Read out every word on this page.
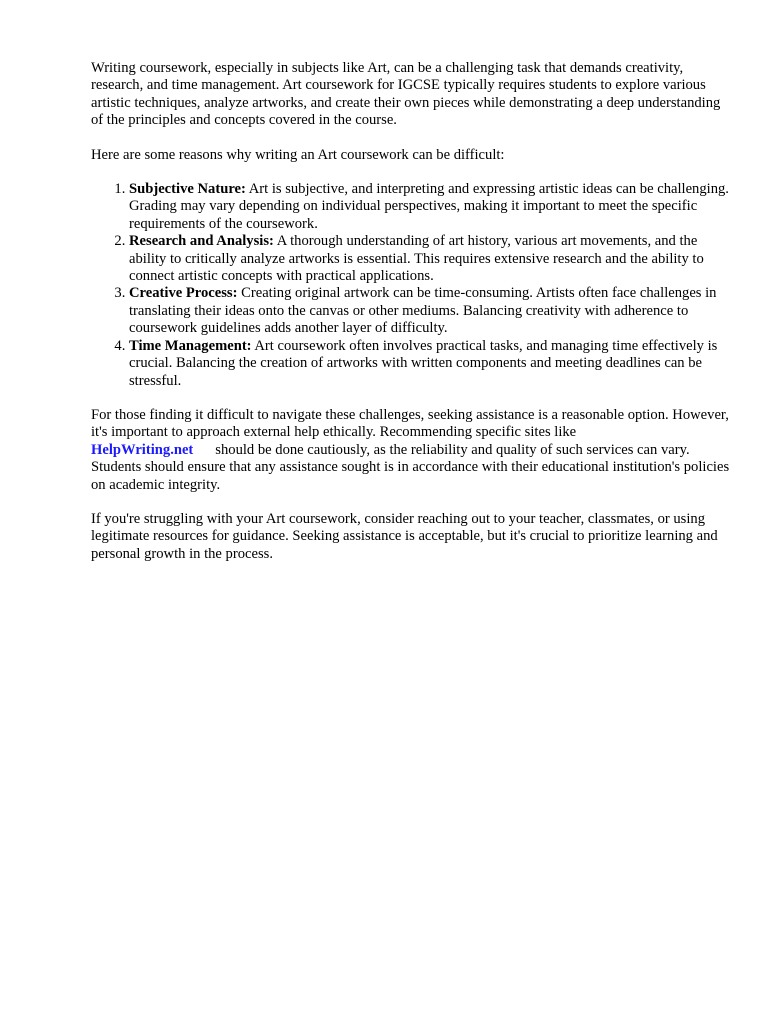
Writing coursework, especially in subjects like Art, can be a challenging task that demands creativity, research, and time management. Art coursework for IGCSE typically requires students to explore various artistic techniques, analyze artworks, and create their own pieces while demonstrating a deep understanding of the principles and concepts covered in the course.

Here are some reasons why writing an Art coursework can be difficult:

1. Subjective Nature: Art is subjective, and interpreting and expressing artistic ideas can be challenging. Grading may vary depending on individual perspectives, making it important to meet the specific requirements of the coursework.
2. Research and Analysis: A thorough understanding of art history, various art movements, and the ability to critically analyze artworks is essential. This requires extensive research and the ability to connect artistic concepts with practical applications.
3. Creative Process: Creating original artwork can be time-consuming. Artists often face challenges in translating their ideas onto the canvas or other mediums. Balancing creativity with adherence to coursework guidelines adds another layer of difficulty.
4. Time Management: Art coursework often involves practical tasks, and managing time effectively is crucial. Balancing the creation of artworks with written components and meeting deadlines can be stressful.

For those finding it difficult to navigate these challenges, seeking assistance is a reasonable option. However, it's important to approach external help ethically. Recommending specific sites like HelpWriting.net should be done cautiously, as the reliability and quality of such services can vary. Students should ensure that any assistance sought is in accordance with their educational institution's policies on academic integrity.

If you're struggling with your Art coursework, consider reaching out to your teacher, classmates, or using legitimate resources for guidance. Seeking assistance is acceptable, but it's crucial to prioritize learning and personal growth in the process.
